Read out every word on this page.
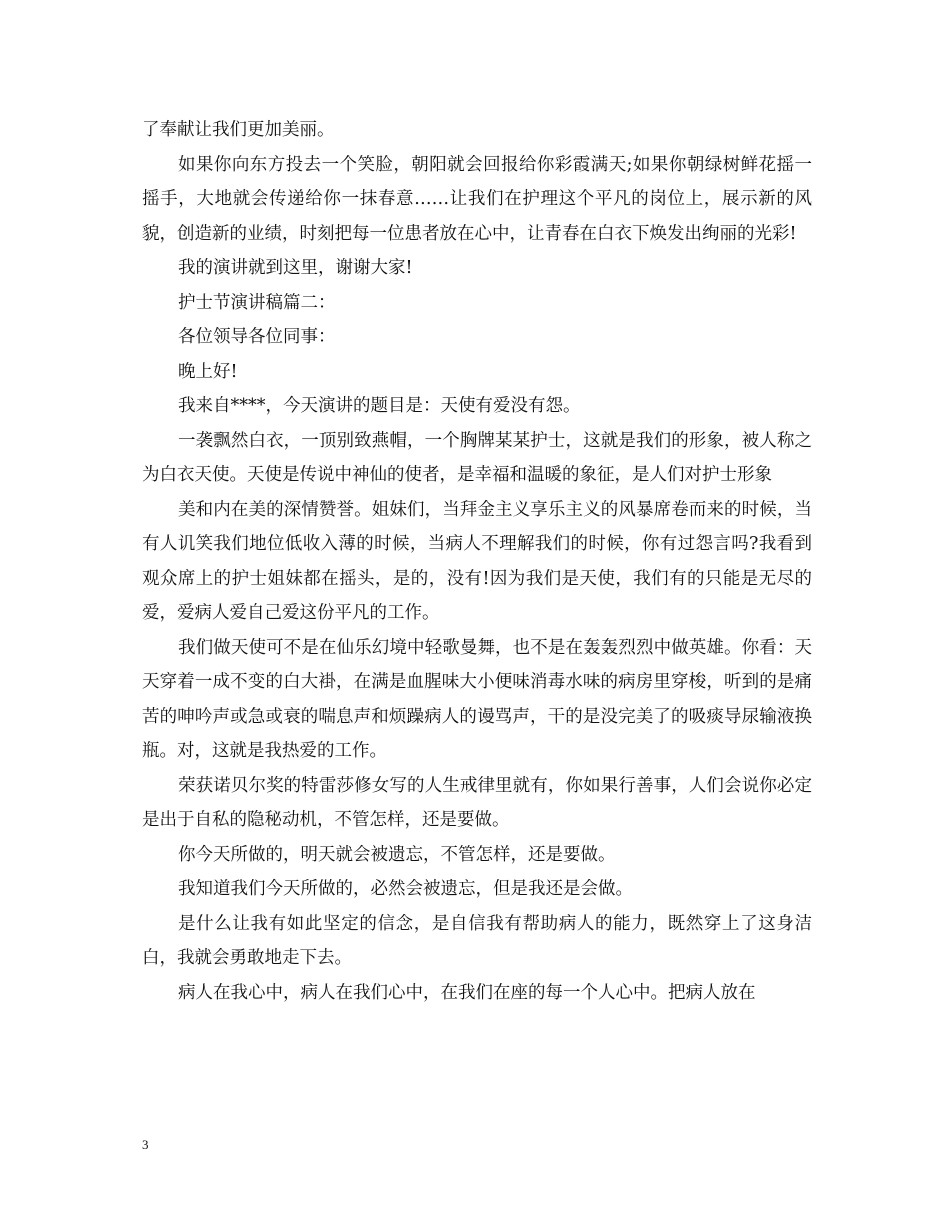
了奉献让我们更加美丽。

如果你向东方投去一个笑脸，朝阳就会回报给你彩霞满天;如果你朝绿树鲜花摇一摇手，大地就会传递给你一抹春意……让我们在护理这个平凡的岗位上，展示新的风貌，创造新的业绩，时刻把每一位患者放在心中，让青春在白衣下焕发出绚丽的光彩!

我的演讲就到这里，谢谢大家!

护士节演讲稿篇二：

各位领导各位同事：

晚上好!

我来自****，今天演讲的题目是：天使有爱没有怨。

一袭飘然白衣，一顶别致燕帽，一个胸牌某某护士，这就是我们的形象，被人称之为白衣天使。天使是传说中神仙的使者，是幸福和温暖的象征，是人们对护士形象

美和内在美的深情赞誉。姐妹们，当拜金主义享乐主义的风暴席卷而来的时候，当有人讥笑我们地位低收入薄的时候，当病人不理解我们的时候，你有过怨言吗?我看到观众席上的护士姐妹都在摇头，是的，没有!因为我们是天使，我们有的只能是无尽的爱，爱病人爱自己爱这份平凡的工作。

我们做天使可不是在仙乐幻境中轻歌曼舞，也不是在轰轰烈烈中做英雄。你看：天天穿着一成不变的白大褂，在满是血腥味大小便味消毒水味的病房里穿梭，听到的是痛苦的呻吟声或急或衰的喘息声和烦躁病人的谩骂声，干的是没完美了的吸痰导尿输液换瓶。对，这就是我热爱的工作。

荣获诺贝尔奖的特雷莎修女写的人生戒律里就有，你如果行善事，人们会说你必定是出于自私的隐秘动机，不管怎样，还是要做。

你今天所做的，明天就会被遗忘，不管怎样，还是要做。

我知道我们今天所做的，必然会被遗忘，但是我还是会做。

是什么让我有如此坚定的信念，是自信我有帮助病人的能力，既然穿上了这身洁白，我就会勇敢地走下去。

病人在我心中，病人在我们心中，在我们在座的每一个人心中。把病人放在

3
